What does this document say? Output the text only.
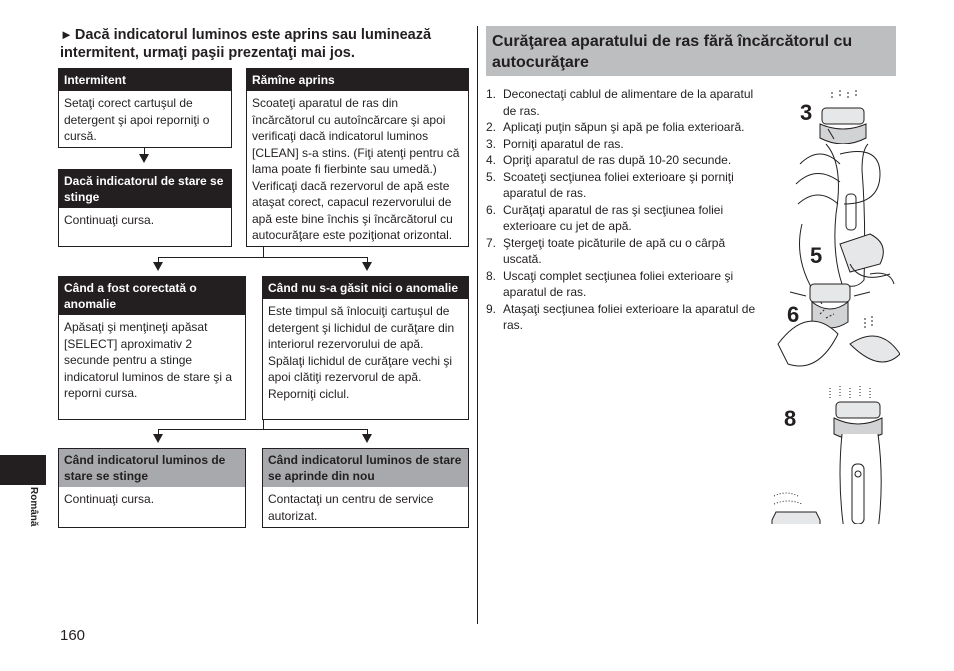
► Dacă indicatorul luminos este aprins sau luminează intermitent, urmaţi paşii prezentaţi mai jos.
Intermitent
Setaţi corect cartuşul de detergent şi apoi reporniţi o cursă.
Rămîne aprins
Scoateţi aparatul de ras din încărcătorul cu autoîncărcare şi apoi verificaţi dacă indicatorul luminos [CLEAN] s-a stins. (Fiţi atenţi pentru că lama poate fi fierbinte sau umedă.) Verificaţi dacă rezervorul de apă este ataşat corect, capacul rezervorului de apă este bine închis şi încărcătorul cu autocurăţare este poziţionat orizontal.
Dacă indicatorul de stare se stinge
Continuaţi cursa.
Când a fost corectată o anomalie
Apăsaţi şi menţineţi apăsat [SELECT] aproximativ 2 secunde pentru a stinge indicatorul luminos de stare şi a reporni cursa.
Când nu s-a găsit nici o anomalie
Este timpul să înlocuiţi cartuşul de detergent şi lichidul de curăţare din interiorul rezervorului de apă. Spălaţi lichidul de curăţare vechi şi apoi clătiţi rezervorul de apă. Reporniţi ciclul.
Când indicatorul luminos de stare se stinge
Continuaţi cursa.
Când indicatorul luminos de stare se aprinde din nou
Contactaţi un centru de service autorizat.
Curăţarea aparatului de ras fără încărcătorul cu autocurăţare
1. Deconectaţi cablul de alimentare de la aparatul de ras.
2. Aplicaţi puţin săpun şi apă pe folia exterioară.
3. Porniţi aparatul de ras.
4. Opriţi aparatul de ras după 10-20 secunde.
5. Scoateţi secţiunea foliei exterioare şi porniţi aparatul de ras.
6. Curăţaţi aparatul de ras şi secţiunea foliei exterioare cu jet de apă.
7. Ştergeţi toate picăturile de apă cu o cârpă uscată.
8. Uscaţi complet secţiunea foliei exterioare şi aparatul de ras.
9. Ataşaţi secţiunea foliei exterioare la aparatul de ras.
3
5
6
8
Română
160
